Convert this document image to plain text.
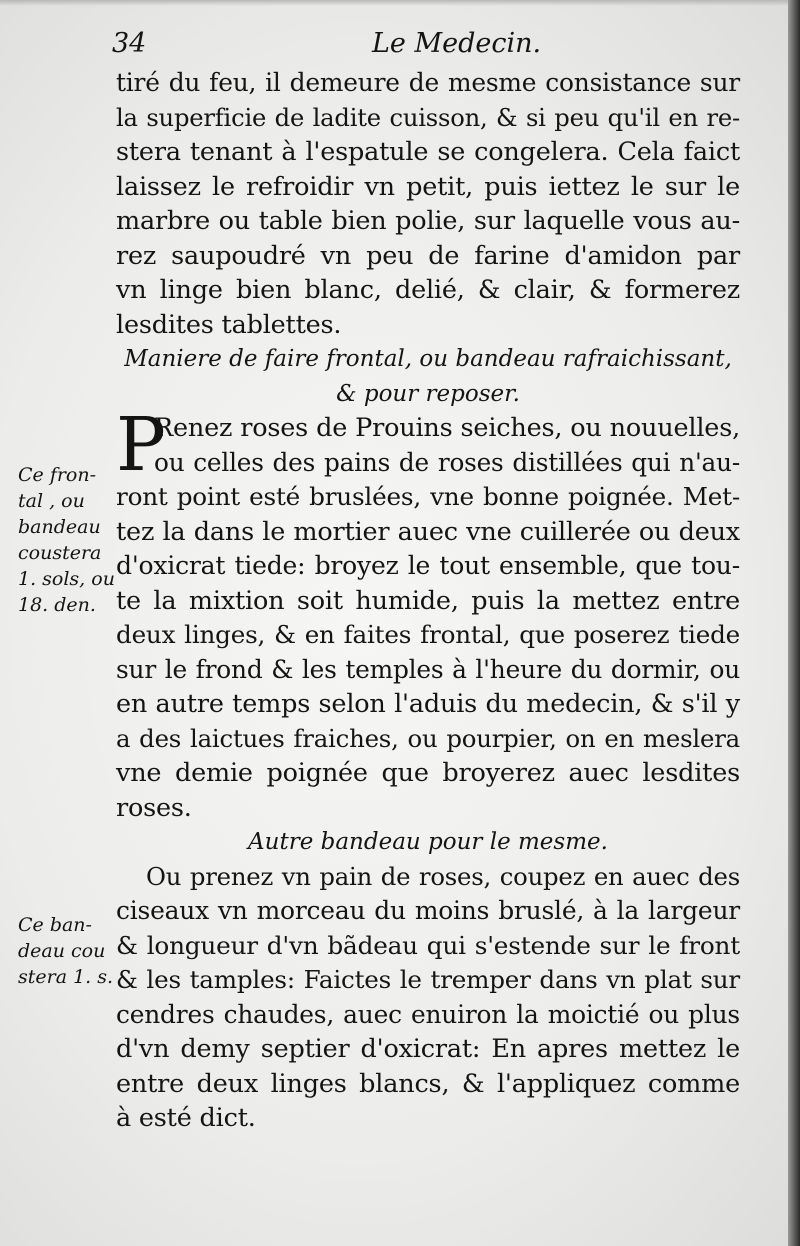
34	Le Medecin.
tiré du feu, il demeure de mesme consistance sur
la superficie de ladite cuisson, & si peu qu'il en re-
stera tenant à l'espatule se congelera. Cela faict
laissez le refroidir vn petit, puis iettez le sur le
marbre ou table bien polie, sur laquelle vous au-
rez saupoudré vn peu de farine d'amidon par
vn linge bien blanc, delié, & clair, & formerez
lesdites tablettes.
Maniere de faire frontal, ou bandeau rafraichissant,
& pour reposer.
P
Renez roses de Prouins seiches, ou nouuelles,
ou celles des pains de roses distillées qui n'au-
ront point esté bruslées, vne bonne poignée. Met-
tez la dans le mortier auec vne cuillerée ou deux
d'oxicrat tiede: broyez le tout ensemble, que tou-
te la mixtion soit humide, puis la mettez entre
deux linges, & en faites frontal, que poserez tiede
sur le frond & les temples à l'heure du dormir, ou
en autre temps selon l'aduis du medecin, & s'il y
a des laictues fraiches, ou pourpier, on en meslera
vne demie poignée que broyerez auec lesdites
roses.
Autre bandeau pour le mesme.
Ou prenez vn pain de roses, coupez en auec des
ciseaux vn morceau du moins bruslé, à la largeur
& longueur d'vn bãdeau qui s'estende sur le front
& les tamples: Faictes le tremper dans vn plat sur
cendres chaudes, auec enuiron la moictié ou plus
d'vn demy septier d'oxicrat: En apres mettez le
entre deux linges blancs, & l'appliquez comme
à esté dict.
Ce fron-
tal , ou
bandeau
coustera
1. sols, ou
18. den.
Ce ban-
deau cou
stera 1. s.
